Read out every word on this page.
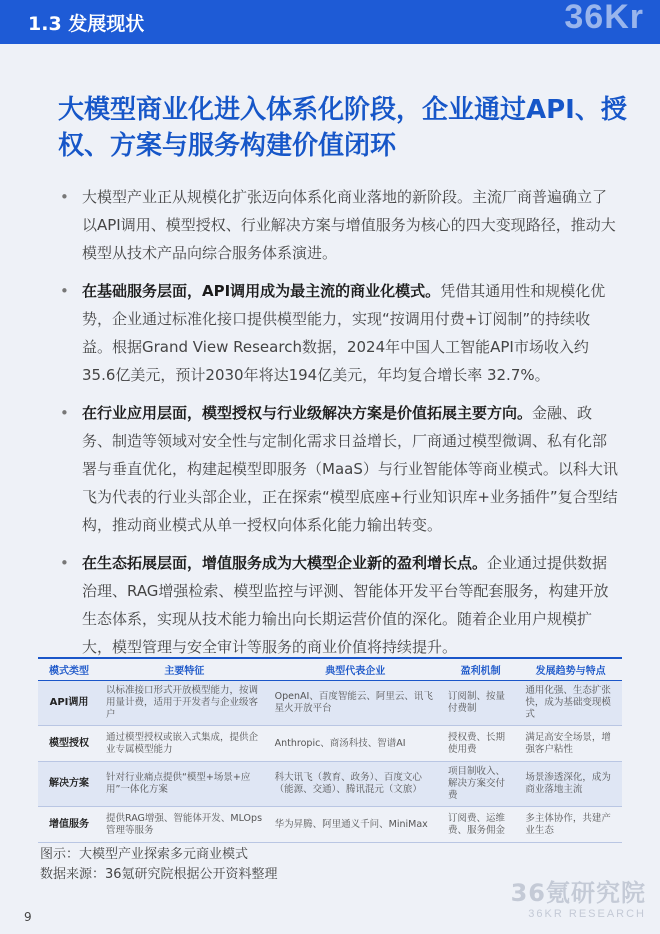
1.3 发展现状	36Kr
大模型商业化进入体系化阶段，企业通过API、授权、方案与服务构建价值闭环
• 大模型产业正从规模化扩张迈向体系化商业落地的新阶段。主流厂商普遍确立了以API调用、模型授权、行业解决方案与增值服务为核心的四大变现路径，推动大模型从技术产品向综合服务体系演进。
• 在基础服务层面，API调用成为最主流的商业化模式。凭借其通用性和规模化优势，企业通过标准化接口提供模型能力，实现“按调用付费+订阅制”的持续收益。根据Grand View Research数据，2024年中国人工智能API市场收入约35.6亿美元，预计2030年将达194亿美元，年均复合增长率 32.7%。
• 在行业应用层面，模型授权与行业级解决方案是价值拓展主要方向。金融、政务、制造等领域对安全性与定制化需求日益增长，厂商通过模型微调、私有化部署与垂直优化，构建起模型即服务（MaaS）与行业智能体等商业模式。以科大讯飞为代表的行业头部企业，正在探索“模型底座+行业知识库+业务插件”复合型结构，推动商业模式从单一授权向体系化能力输出转变。
• 在生态拓展层面，增值服务成为大模型企业新的盈利增长点。企业通过提供数据治理、RAG增强检索、模型监控与评测、智能体开发平台等配套服务，构建开放生态体系，实现从技术能力输出向长期运营价值的深化。随着企业用户规模扩大，模型管理与安全审计等服务的商业价值将持续提升。
模式类型	主要特征	典型代表企业	盈利机制	发展趋势与特点
API调用	以标准接口形式开放模型能力，按调用量计费，适用于开发者与企业级客户	OpenAI、百度智能云、阿里云、讯飞星火开放平台	订阅制、按量付费制	通用化强、生态扩张快，成为基础变现模式
模型授权	通过模型授权或嵌入式集成，提供企业专属模型能力	Anthropic、商汤科技、智谱AI	授权费、长期使用费	满足高安全场景，增强客户粘性
解决方案	针对行业痛点提供“模型+场景+应用”一体化方案	科大讯飞（教育、政务）、百度文心（能源、交通）、腾讯混元（文旅）	项目制收入、解决方案交付费	场景渗透深化，成为商业落地主流
增值服务	提供RAG增强、智能体开发、MLOps管理等服务	华为昇腾、阿里通义千问、MiniMax	订阅费、运维费、服务佣金	多主体协作，共建产业生态
图示：大模型产业探索多元商业模式
数据来源：36氪研究院根据公开资料整理
9
36氪研究院
36KR RESEARCH
